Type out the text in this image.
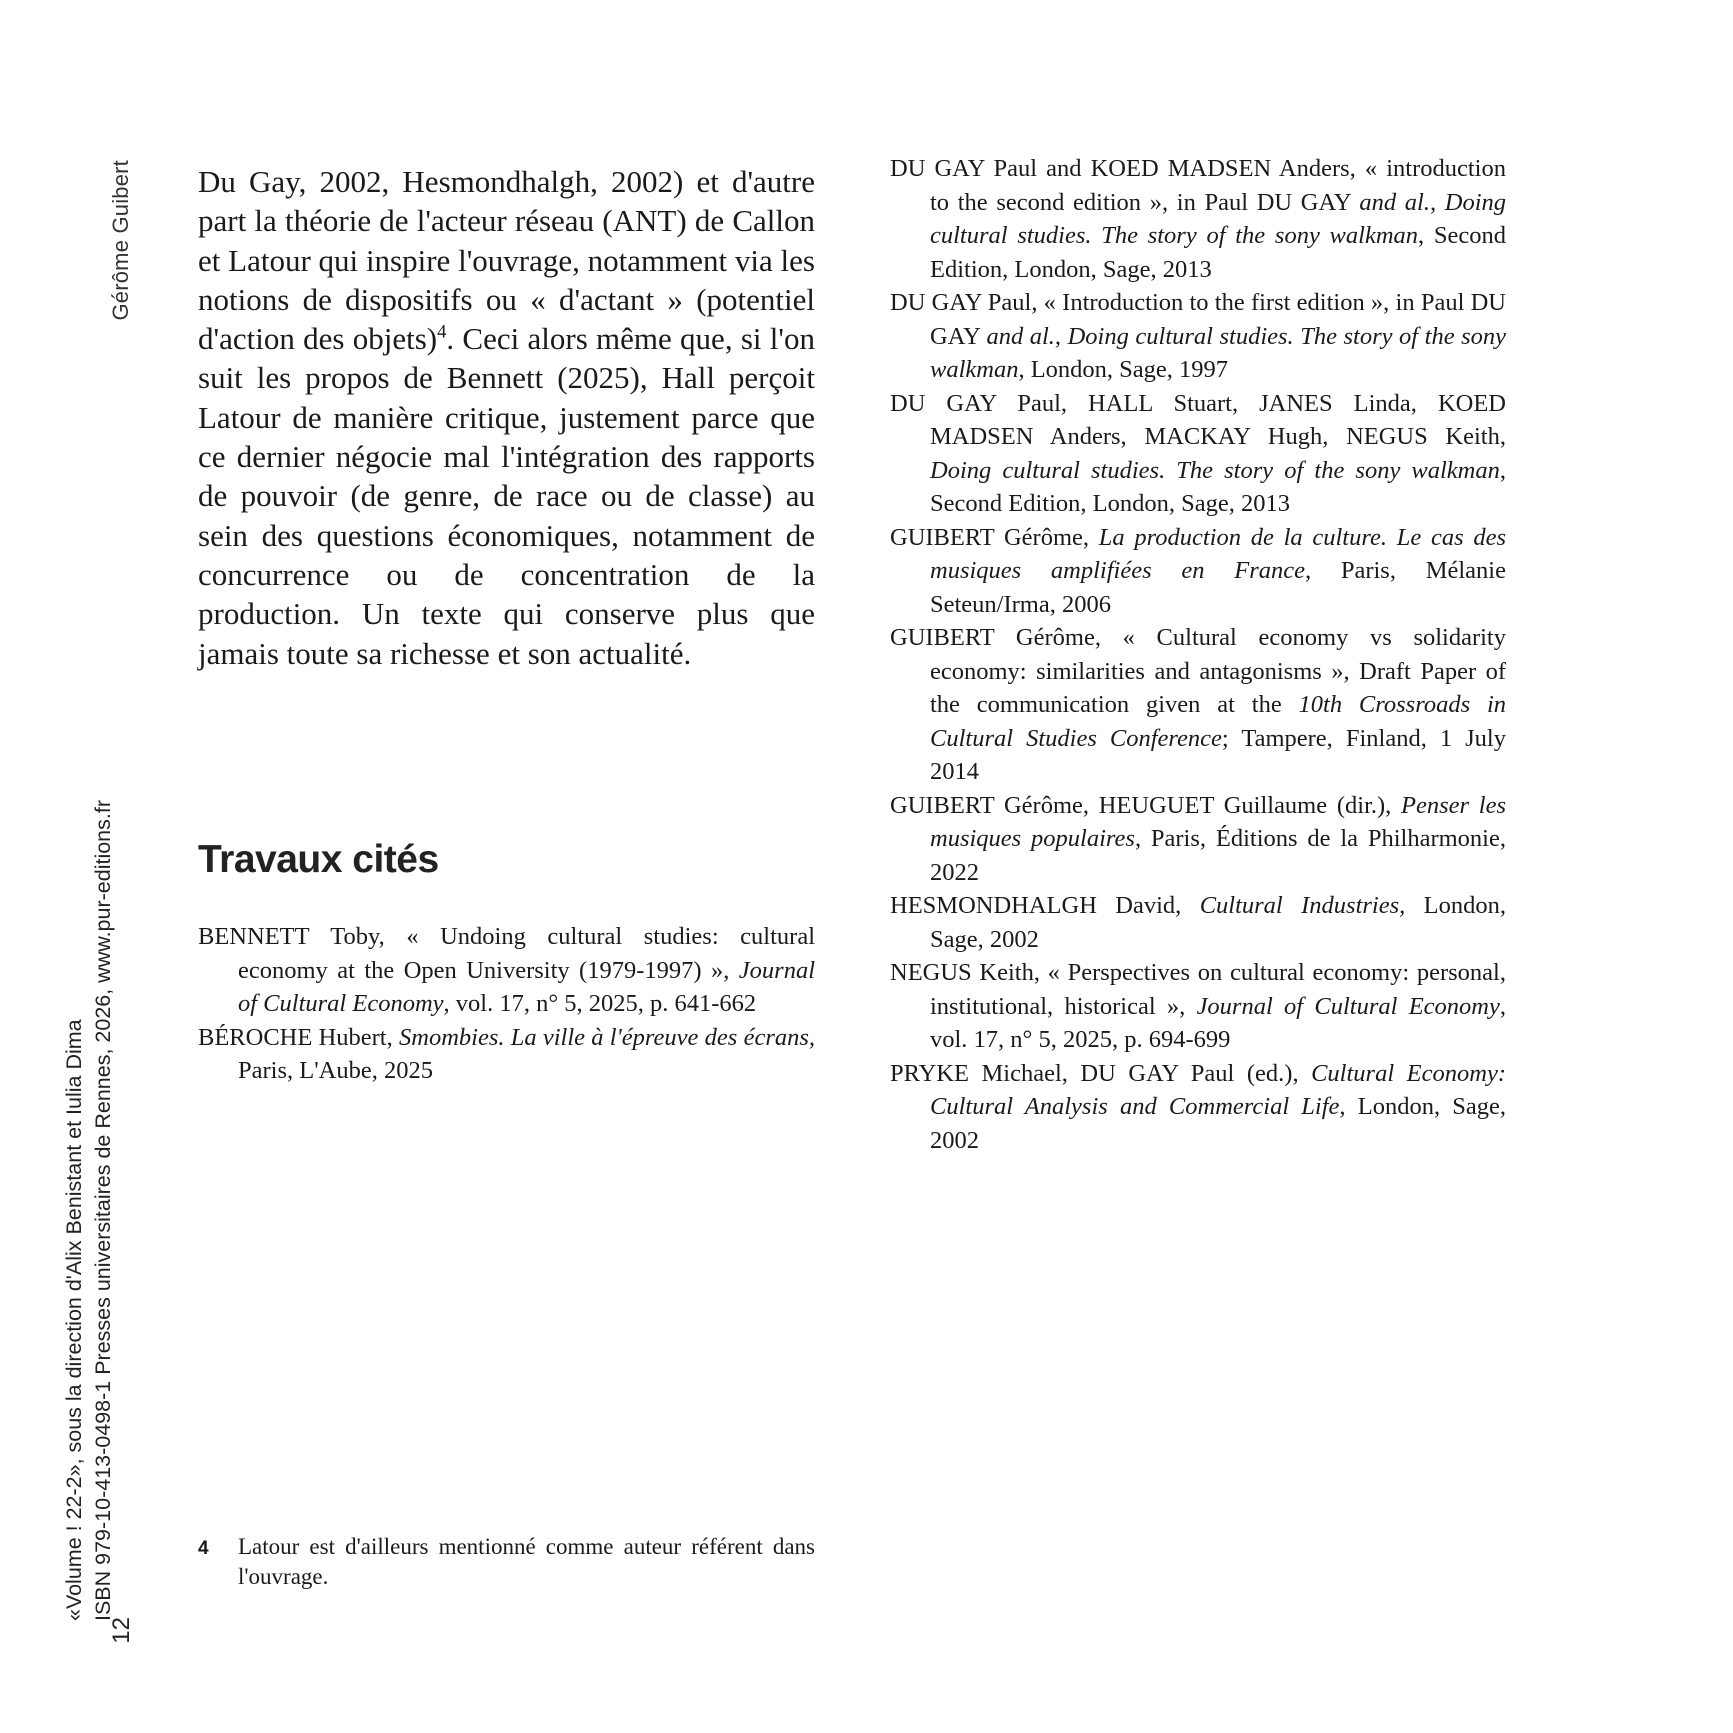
Gérôme Guibert
«Volume ! 22-2», sous la direction d'Alix Benistant et Iulia Dima ISBN 979-10-413-0498-1 Presses universitaires de Rennes, 2026, www.pur-editions.fr
12

Du Gay, 2002, Hesmondhalgh, 2002) et d'autre part la théorie de l'acteur réseau (ANT) de Callon et Latour qui inspire l'ouvrage, notamment via les notions de dispositifs ou « d'actant » (potentiel d'action des objets)$^4$. Ceci alors même que, si l'on suit les propos de Bennett (2025), Hall perçoit Latour de manière critique, justement parce que ce dernier négocie mal l'intégration des rapports de pouvoir (de genre, de race ou de classe) au sein des questions économiques, notamment de concurrence ou de concentration de la production. Un texte qui conserve plus que jamais toute sa richesse et son actualité.

Travaux cités

BENNETT Toby, « Undoing cultural studies: cultural economy at the Open University (1979-1997) », Journal of Cultural Economy, vol. 17, n° 5, 2025, p. 641-662

BÉROCHE Hubert, Smombies. La ville à l'épreuve des écrans, Paris, L'Aube, 2025

DU GAY Paul and KOED MADSEN Anders, « introduction to the second edition », in Paul DU GAY and al., Doing cultural studies. The story of the sony walkman, Second Edition, London, Sage, 2013

DU GAY Paul, « Introduction to the first edition », in Paul DU GAY and al., Doing cultural studies. The story of the sony walkman, London, Sage, 1997

DU GAY Paul, HALL Stuart, JANES Linda, KOED MADSEN Anders, MACKAY Hugh, NEGUS Keith, Doing cultural studies. The story of the sony walkman, Second Edition, London, Sage, 2013

GUIBERT Gérôme, La production de la culture. Le cas des musiques amplifiées en France, Paris, Mélanie Seteun/Irma, 2006

GUIBERT Gérôme, « Cultural economy vs solidarity economy: similarities and antagonisms », Draft Paper of the communication given at the 10th Crossroads in Cultural Studies Conference; Tampere, Finland, 1 July 2014

GUIBERT Gérôme, HEUGUET Guillaume (dir.), Penser les musiques populaires, Paris, Éditions de la Philharmonie, 2022

HESMONDHALGH David, Cultural Industries, London, Sage, 2002

NEGUS Keith, « Perspectives on cultural economy: personal, institutional, historical », Journal of Cultural Economy, vol. 17, n° 5, 2025, p. 694-699

PRYKE Michael, DU GAY Paul (ed.), Cultural Economy: Cultural Analysis and Commercial Life, London, Sage, 2002

4	Latour est d'ailleurs mentionné comme auteur référent dans l'ouvrage.
